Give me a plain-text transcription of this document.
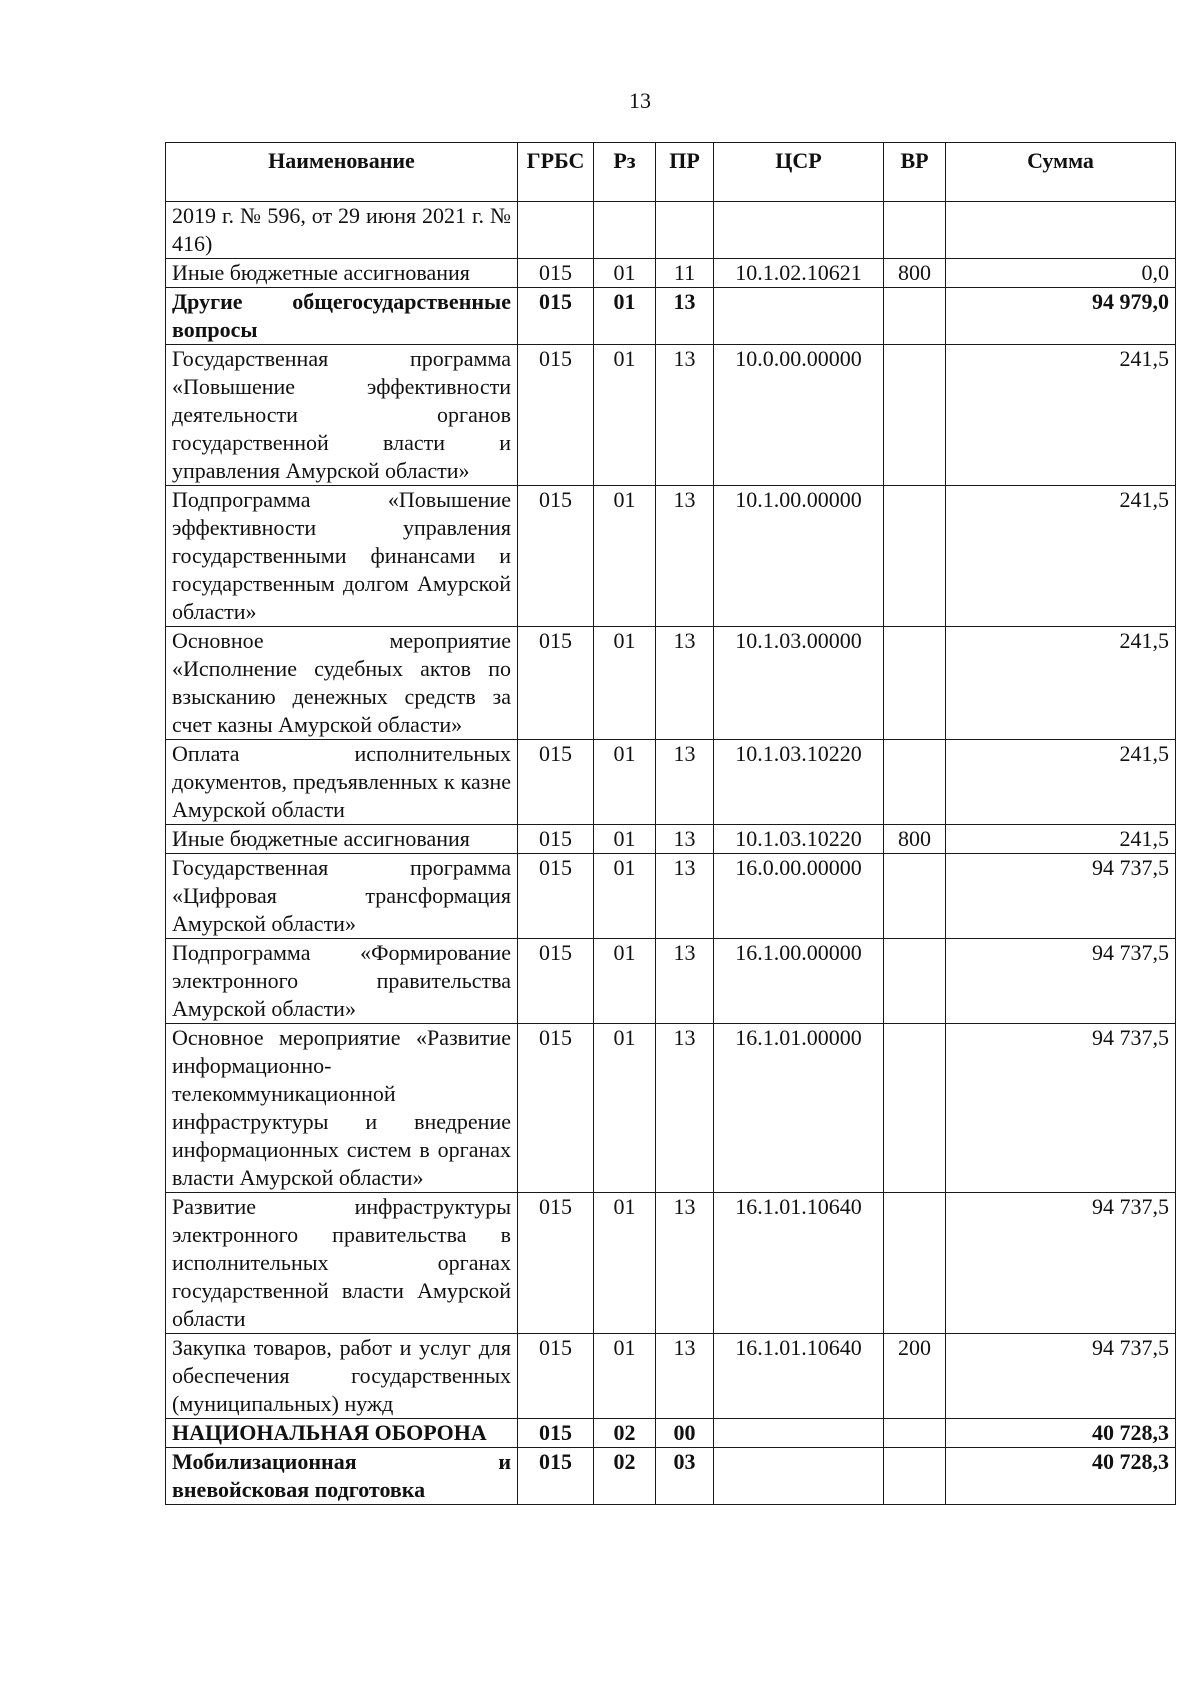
13
Наименование	ГРБС	Рз	ПР	ЦСР	ВР	Сумма
2019 г. № 596, от 29 июня 2021 г. № 416)						
Иные бюджетные ассигнования	015	01	11	10.1.02.10621	800	0,0
Другие общегосударственные вопросы	015	01	13			94 979,0
Государственная программа «Повышение эффективности деятельности органов государственной власти и управления Амурской области»	015	01	13	10.0.00.00000		241,5
Подпрограмма «Повышение эффективности управления государственными финансами и государственным долгом Амурской области»	015	01	13	10.1.00.00000		241,5
Основное мероприятие «Исполнение судебных актов по взысканию денежных средств за счет казны Амурской области»	015	01	13	10.1.03.00000		241,5
Оплата исполнительных документов, предъявленных к казне Амурской области	015	01	13	10.1.03.10220		241,5
Иные бюджетные ассигнования	015	01	13	10.1.03.10220	800	241,5
Государственная программа «Цифровая трансформация Амурской области»	015	01	13	16.0.00.00000		94 737,5
Подпрограмма «Формирование электронного правительства Амурской области»	015	01	13	16.1.00.00000		94 737,5
Основное мероприятие «Развитие информационно-телекоммуникационной инфраструктуры и внедрение информационных систем в органах власти Амурской области»	015	01	13	16.1.01.00000		94 737,5
Развитие инфраструктуры электронного правительства в исполнительных органах государственной власти Амурской области	015	01	13	16.1.01.10640		94 737,5
Закупка товаров, работ и услуг для обеспечения государственных (муниципальных) нужд	015	01	13	16.1.01.10640	200	94 737,5
НАЦИОНАЛЬНАЯ ОБОРОНА	015	02	00			40 728,3
Мобилизационная и вневойсковая подготовка	015	02	03			40 728,3
